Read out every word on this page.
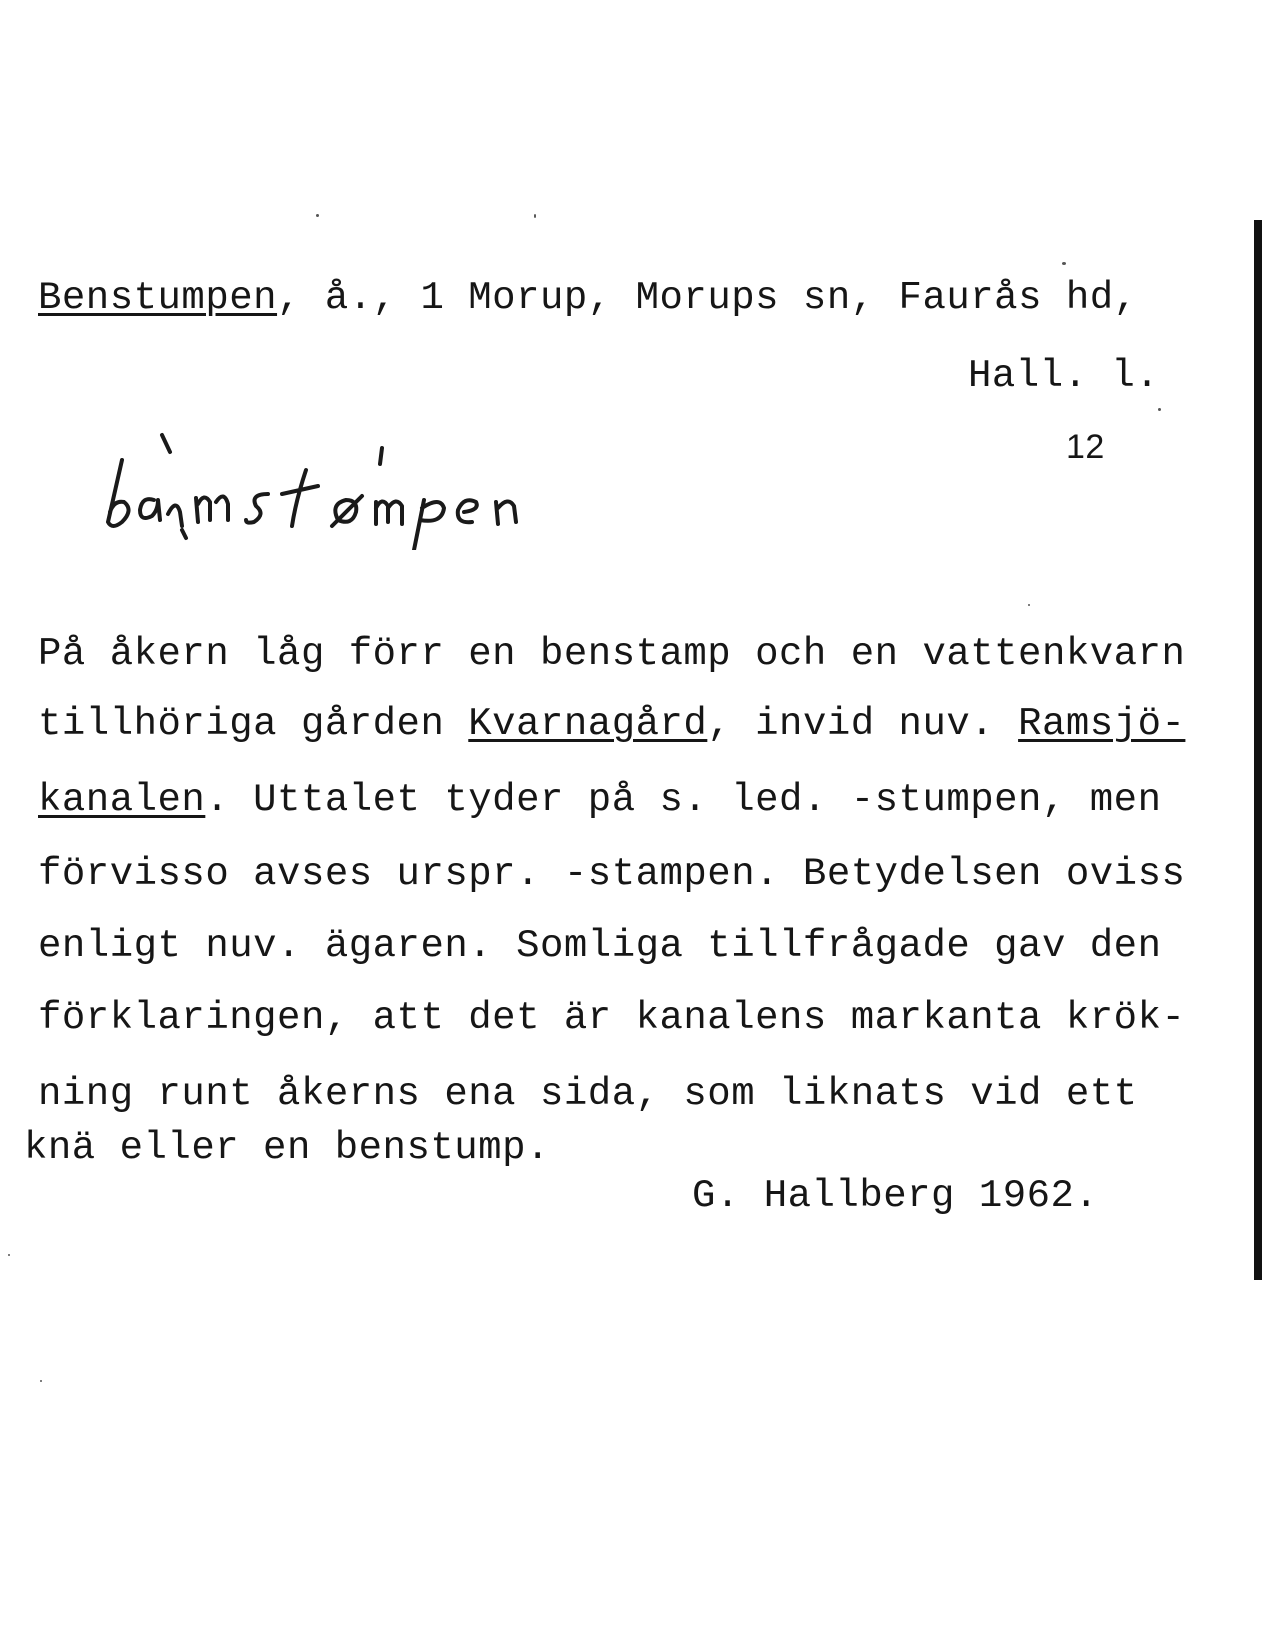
Benstumpen, å., 1 Morup, Morups sn, Faurås hd,
Hall. l.
12
På åkern låg förr en benstamp och en vattenkvarn
tillhöriga gården Kvarnagård, invid nuv. Ramsjö-
kanalen. Uttalet tyder på s. led. -stumpen, men
förvisso avses urspr. -stampen. Betydelsen oviss
enligt nuv. ägaren. Somliga tillfrågade gav den
förklaringen, att det är kanalens markanta krök-
ning runt åkerns ena sida, som liknats vid ett
knä eller en benstump.
G. Hallberg 1962.
